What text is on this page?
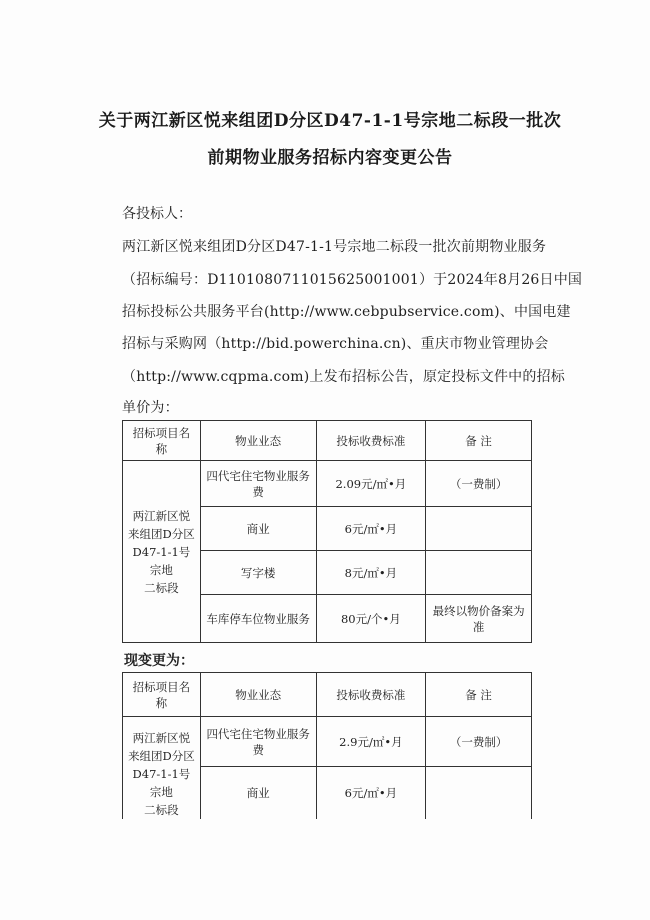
关于两江新区悦来组团D分区D47-1-1号宗地二标段一批次
前期物业服务招标内容变更公告
各投标人：
两江新区悦来组团D分区D47-1-1号宗地二标段一批次前期物业服务
（招标编号：D1101080711015625001001）于2024年8月26日中国
招标投标公共服务平台(http://www.cebpubservice.com)、中国电建
招标与采购网（http://bid.powerchina.cn)、重庆市物业管理协会
（http://www.cqpma.com)上发布招标公告，原定投标文件中的招标
单价为：
招标项目名称	物业业态	投标收费标准	备 注

两江新区悦
来组团D分区
D47-1-1号宗地
二标段	四代宅住宅物业服务费	2.09元/㎡•月	（一费制）
	商业	6元/㎡•月	
	写字楼	8元/㎡•月	
	车库停车位物业服务	80元/个•月	最终以物价备案为准
现变更为：
招标项目名称	物业业态	投标收费标准	备 注

两江新区悦
来组团D分区
D47-1-1号宗地
二标段	四代宅住宅物业服务费	2.9元/㎡•月	（一费制）
	商业	6元/㎡•月	
